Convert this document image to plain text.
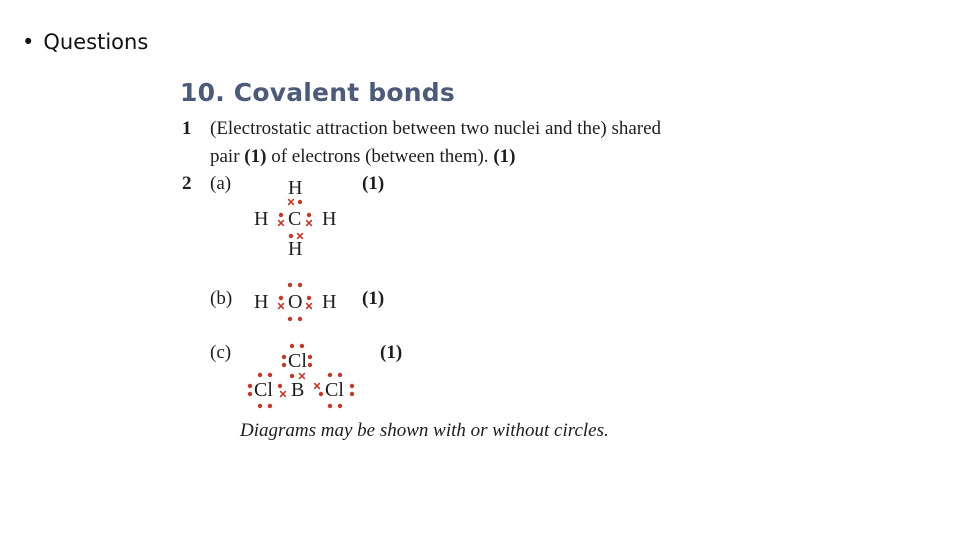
• Questions
10. Covalent bonds
1 (Electrostatic attraction between two nuclei and the) shared
pair (1) of electrons (between them). (1)
2 (a)	(1)
H
H C H
H
(b)	(1)
H O H
(c)	(1)
Cl
Cl B Cl
Diagrams may be shown with or without circles.
